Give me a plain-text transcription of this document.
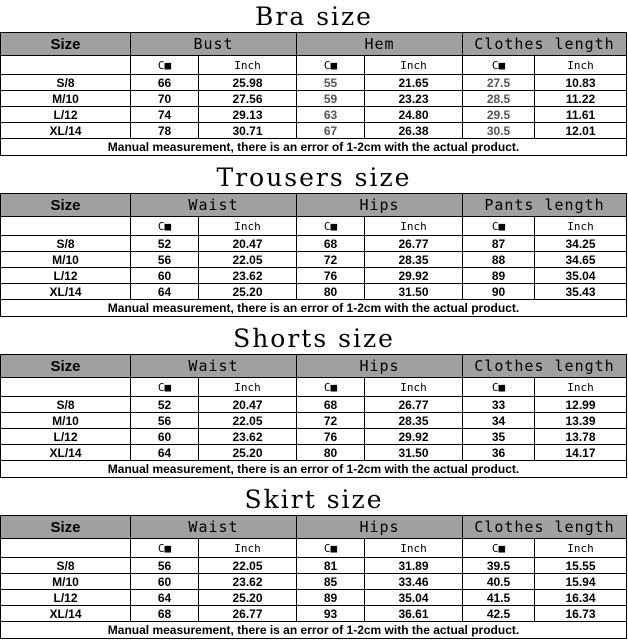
Bra size
Size	Bust		Hem		Clothes length	
	C■	Inch	C■	Inch	C■	Inch
S/8	66	25.98	55	21.65	27.5	10.83
M/10	70	27.56	59	23.23	28.5	11.22
L/12	74	29.13	63	24.80	29.5	11.61
XL/14	78	30.71	67	26.38	30.5	12.01
Manual measurement, there is an error of 1-2cm with the actual product.						
Trousers size
Size	Waist		Hips		Pants length	
	C■	Inch	C■	Inch	C■	Inch
S/8	52	20.47	68	26.77	87	34.25
M/10	56	22.05	72	28.35	88	34.65
L/12	60	23.62	76	29.92	89	35.04
XL/14	64	25.20	80	31.50	90	35.43
Manual measurement, there is an error of 1-2cm with the actual product.						
Shorts size
Size	Waist		Hips		Clothes length	
	C■	Inch	C■	Inch	C■	Inch
S/8	52	20.47	68	26.77	33	12.99
M/10	56	22.05	72	28.35	34	13.39
L/12	60	23.62	76	29.92	35	13.78
XL/14	64	25.20	80	31.50	36	14.17
Manual measurement, there is an error of 1-2cm with the actual product.						
Skirt size
Size	Waist		Hips		Clothes length	
	C■	Inch	C■	Inch	C■	Inch
S/8	56	22.05	81	31.89	39.5	15.55
M/10	60	23.62	85	33.46	40.5	15.94
L/12	64	25.20	89	35.04	41.5	16.34
XL/14	68	26.77	93	36.61	42.5	16.73
Manual measurement, there is an error of 1-2cm with the actual product.						
